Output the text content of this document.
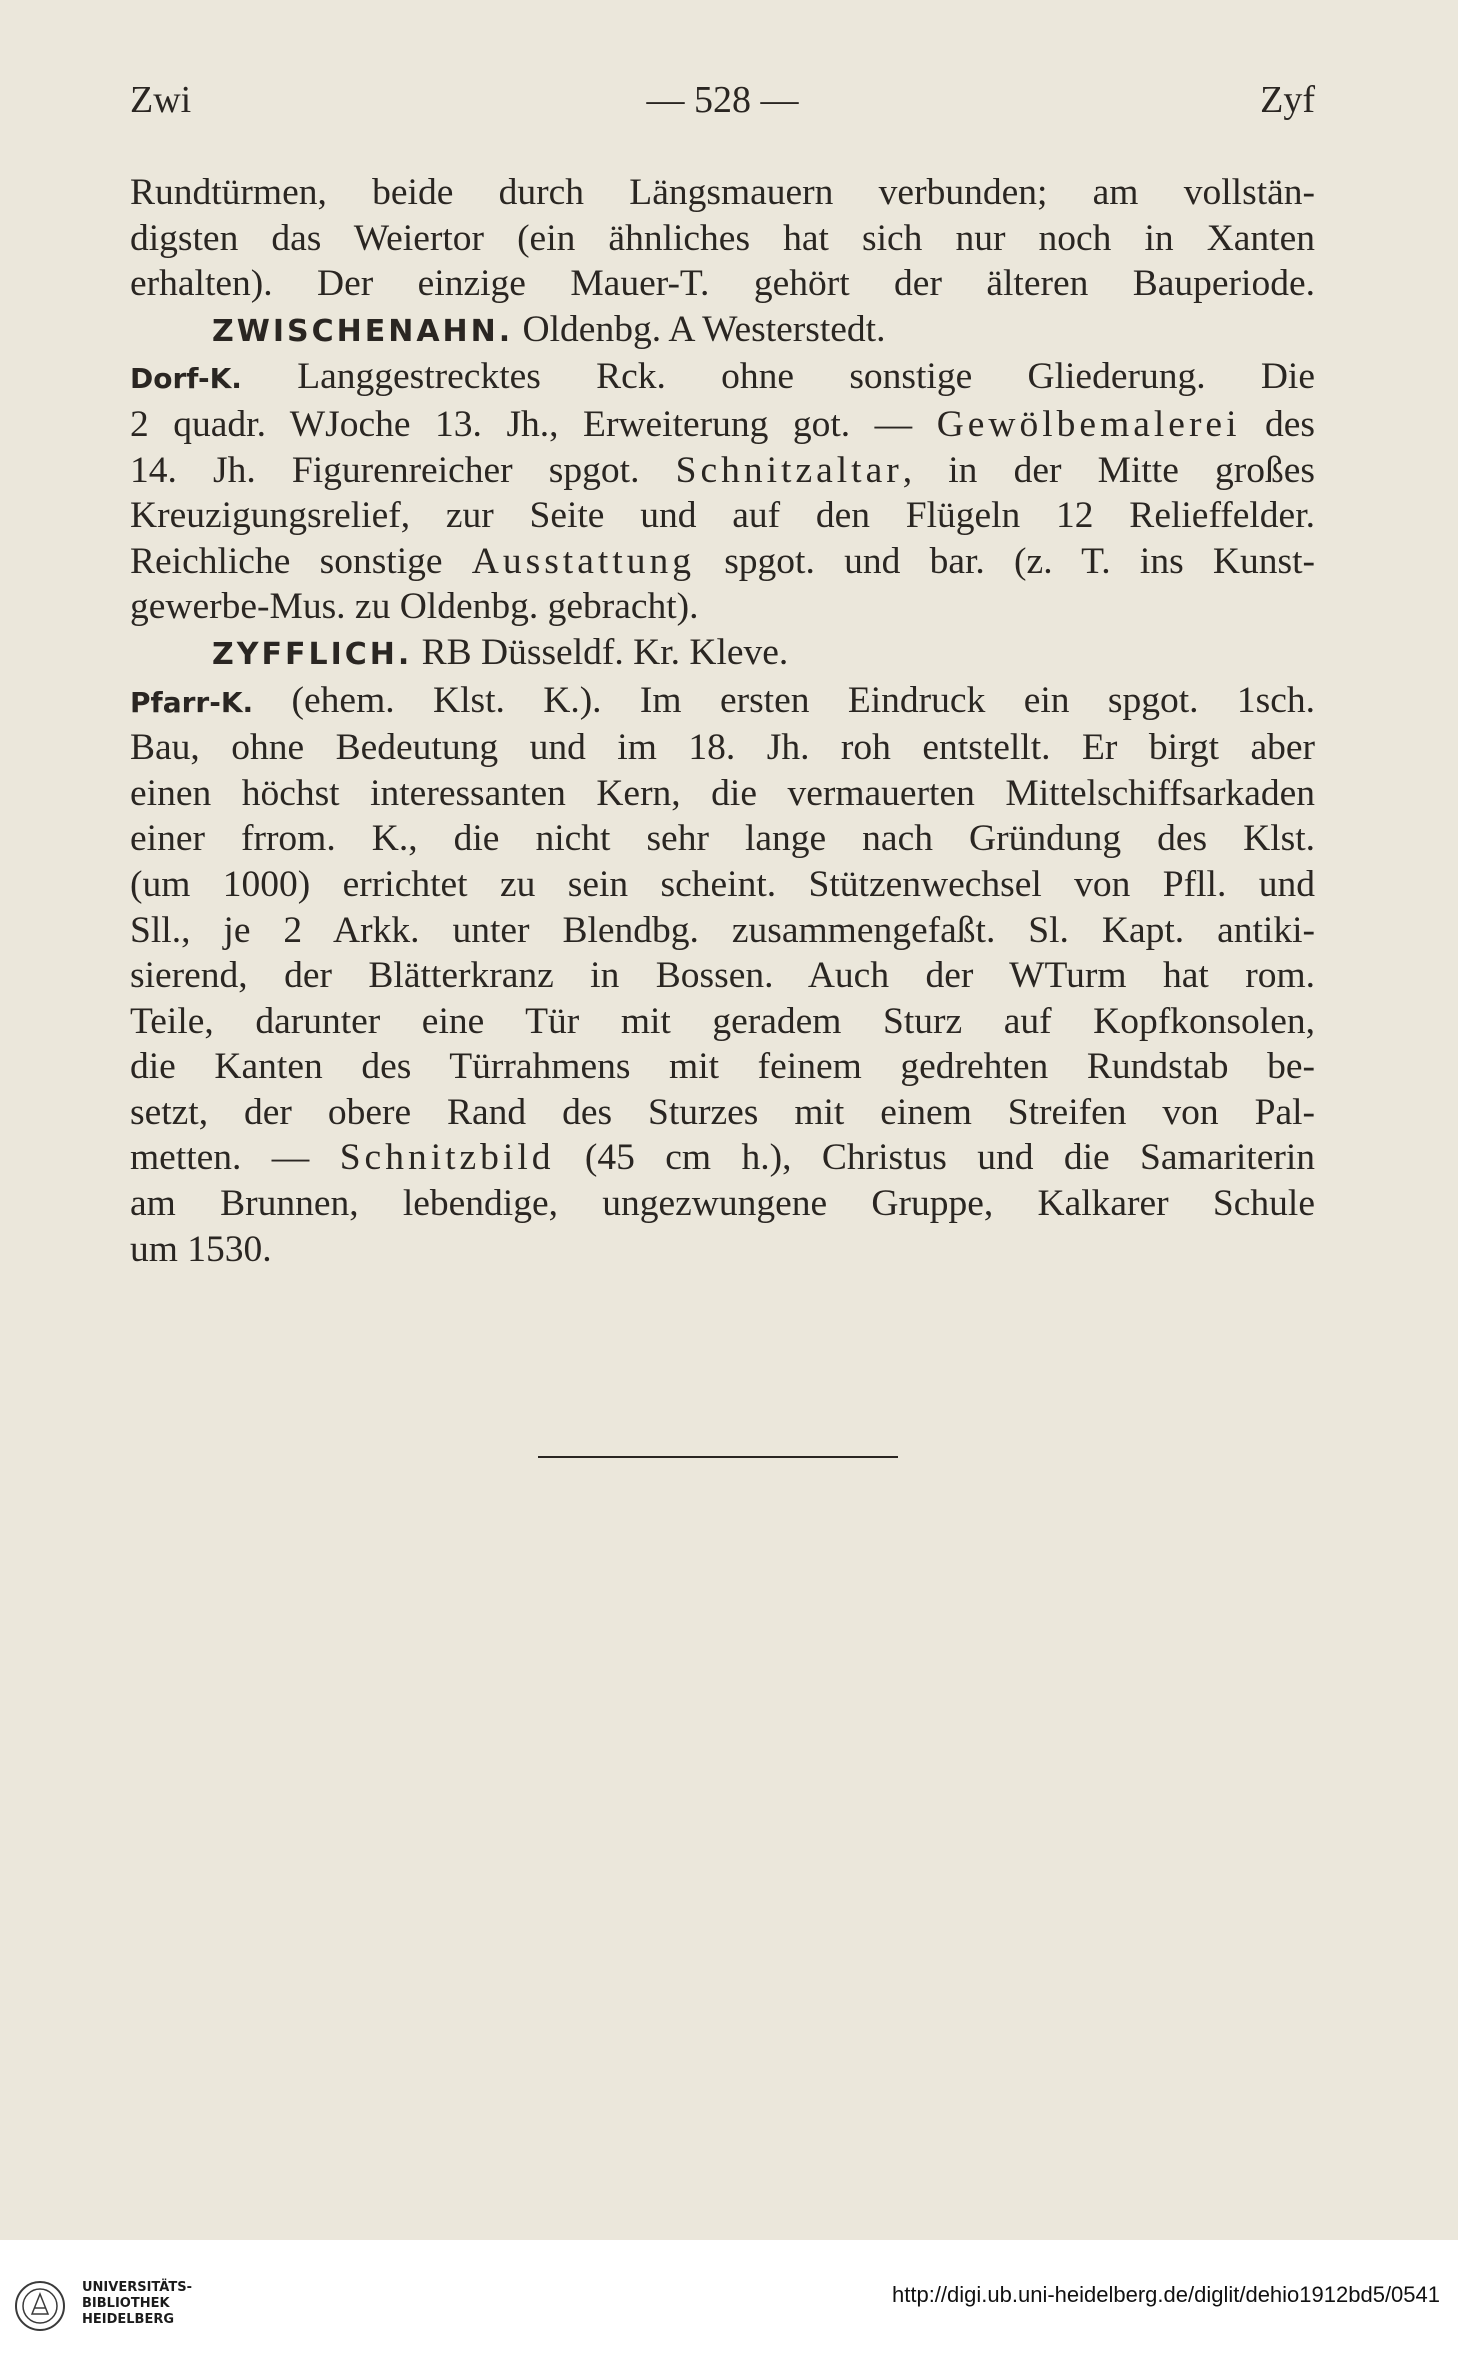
Zwi	— 528 —	Zyf
Rundtürmen, beide durch Längsmauern verbunden; am vollstän-
digsten das Weiertor (ein ähnliches hat sich nur noch in Xanten
erhalten). Der einzige Mauer-T. gehört der älteren Bauperiode.
ZWISCHENAHN. Oldenbg. A Westerstedt.
Dorf-K. Langgestrecktes Rck. ohne sonstige Gliederung. Die
2 quadr. WJoche 13. Jh., Erweiterung got. — Gewölbemalerei des
14. Jh. Figurenreicher spgot. Schnitzaltar, in der Mitte großes
Kreuzigungsrelief, zur Seite und auf den Flügeln 12 Relieffelder.
Reichliche sonstige Ausstattung spgot. und bar. (z. T. ins Kunst-
gewerbe-Mus. zu Oldenbg. gebracht).
ZYFFLICH. RB Düsseldf. Kr. Kleve.
Pfarr-K. (ehem. Klst. K.). Im ersten Eindruck ein spgot. 1sch.
Bau, ohne Bedeutung und im 18. Jh. roh entstellt. Er birgt aber
einen höchst interessanten Kern, die vermauerten Mittelschiffsarkaden
einer frrom. K., die nicht sehr lange nach Gründung des Klst.
(um 1000) errichtet zu sein scheint. Stützenwechsel von Pfll. und
Sll., je 2 Arkk. unter Blendbg. zusammengefaßt. Sl. Kapt. antiki-
sierend, der Blätterkranz in Bossen. Auch der WTurm hat rom.
Teile, darunter eine Tür mit geradem Sturz auf Kopfkonsolen,
die Kanten des Türrahmens mit feinem gedrehten Rundstab be-
setzt, der obere Rand des Sturzes mit einem Streifen von Pal-
metten. — Schnitzbild (45 cm h.), Christus und die Samariterin
am Brunnen, lebendige, ungezwungene Gruppe, Kalkarer Schule
um 1530.
UNIVERSITÄTS-
BIBLIOTHEK
HEIDELBERG
http://digi.ub.uni-heidelberg.de/diglit/dehio1912bd5/0541
